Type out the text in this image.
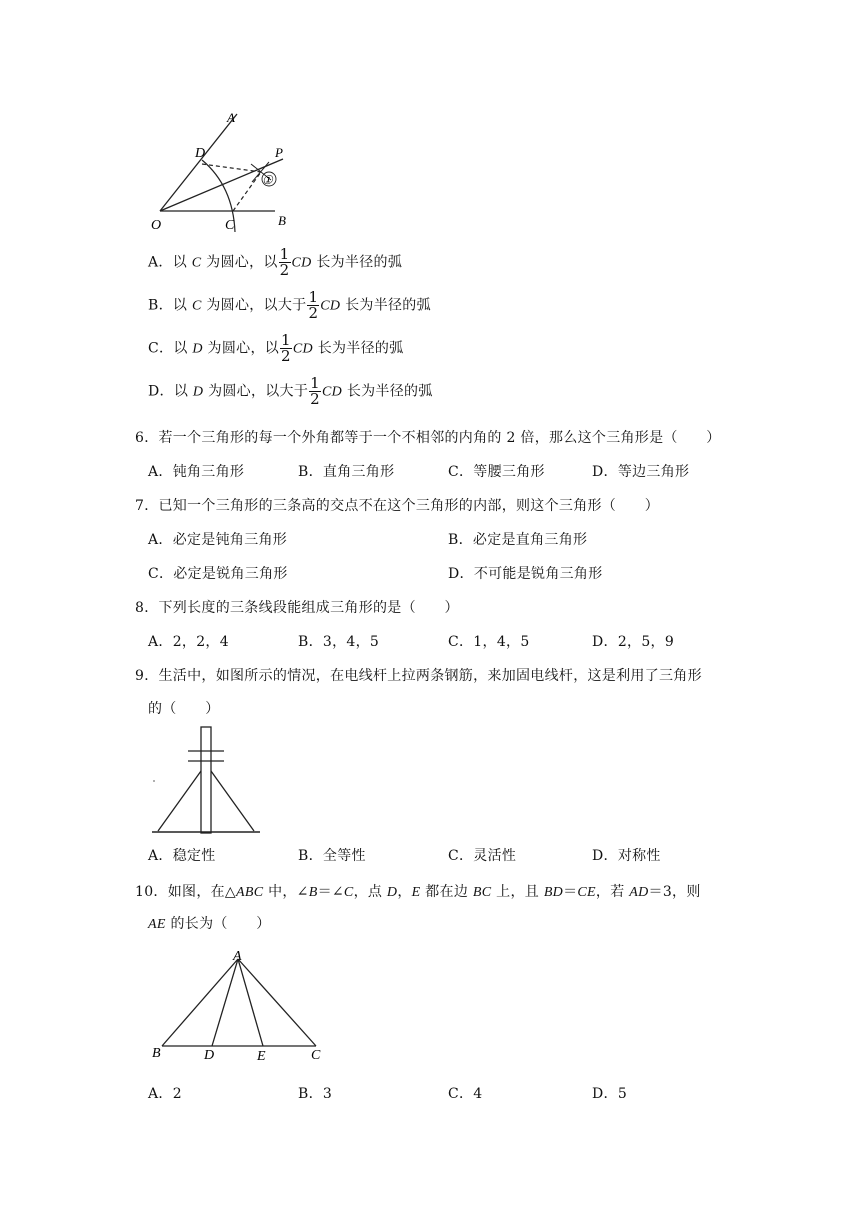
A
P
D
①
O	C	B
A．以 C 为圆心，以 $\frac{1}{2}$ CD 长为半径的弧
B．以 C 为圆心，以大于 $\frac{1}{2}$ CD 长为半径的弧
C．以 D 为圆心，以 $\frac{1}{2}$ CD 长为半径的弧
D．以 D 为圆心，以大于 $\frac{1}{2}$ CD 长为半径的弧
6．若一个三角形的每一个外角都等于一个不相邻的内角的 2 倍，那么这个三角形是（　　）
A．钝角三角形	B．直角三角形	C．等腰三角形	D．等边三角形
7．已知一个三角形的三条高的交点不在这个三角形的内部，则这个三角形（　　）
A．必定是钝角三角形	B．必定是直角三角形
C．必定是锐角三角形	D．不可能是锐角三角形
8．下列长度的三条线段能组成三角形的是（　　）
A．2，2，4	B．3，4，5	C．1，4，5	D．2，5，9
9．生活中，如图所示的情况，在电线杆上拉两条钢筋，来加固电线杆，这是利用了三角形
的（　　）
A．稳定性	B．全等性	C．灵活性	D．对称性
10．如图，在△ABC 中，∠B＝∠C，点 D，E 都在边 BC 上，且 BD＝CE，若 AD＝3，则
AE 的长为（　　）
A
B	D	E	C
A．2	B．3	C．4	D．5
